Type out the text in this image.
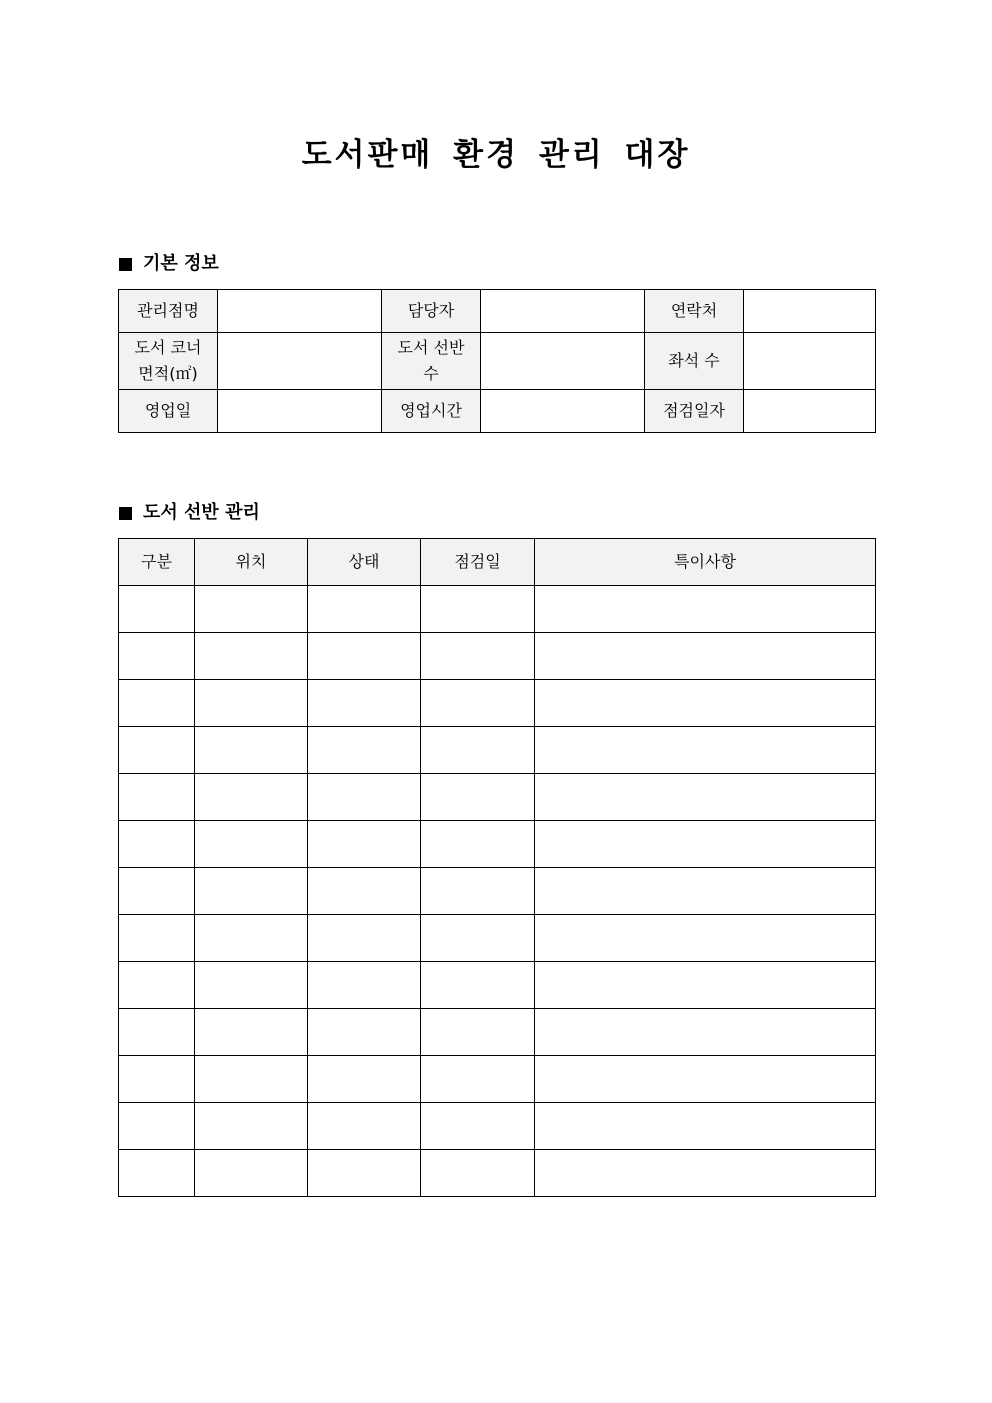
도서판매 환경 관리 대장
기본 정보
관리점명		담당자		연락처	
도서 코너 면적(㎡)		도서 선반 수		좌석 수	
영업일		영업시간		점검일자	
도서 선반 관리
구분	위치	상태	점검일	특이사항
